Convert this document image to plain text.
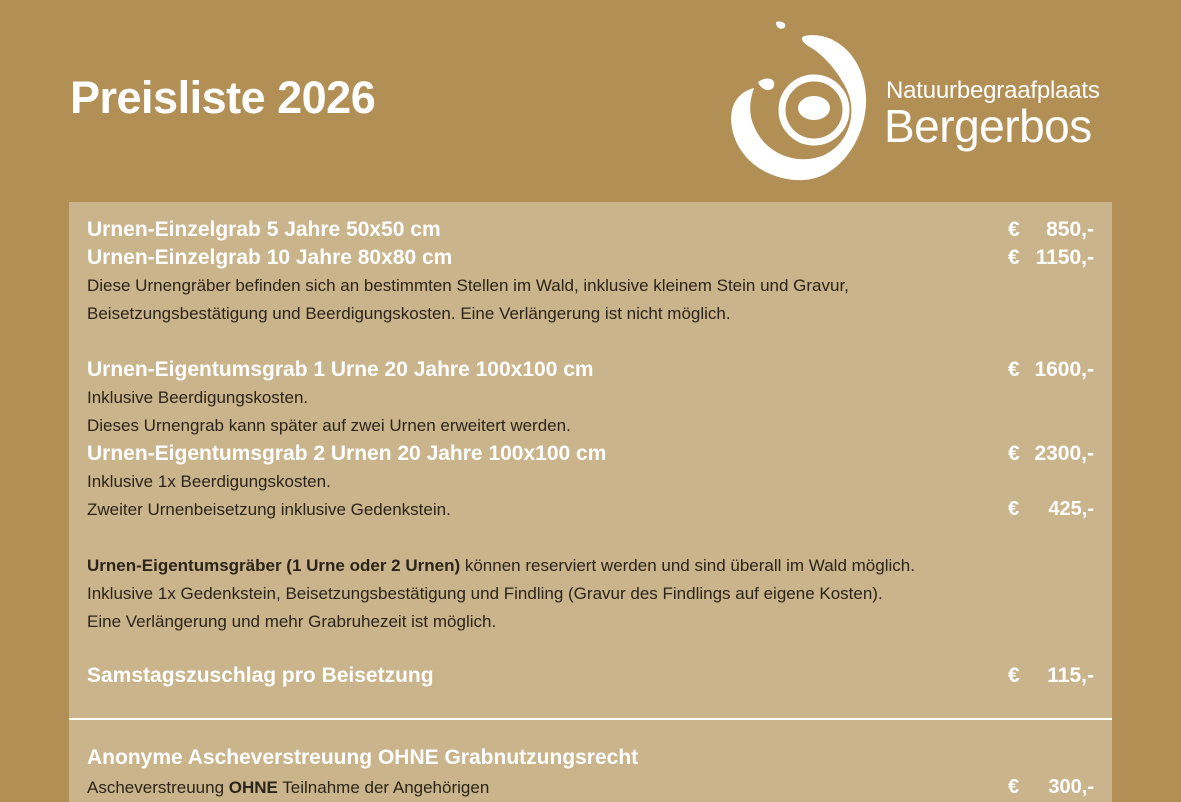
Preisliste 2026	Natuurbegraafplaats
Bergerbos
Urnen-Einzelgrab 5 Jahre 50x50 cm	€ 850,-
Urnen-Einzelgrab 10 Jahre 80x80 cm	€ 1150,-
Diese Urnengräber befinden sich an bestimmten Stellen im Wald, inklusive kleinem Stein und Gravur,
Beisetzungsbestätigung und Beerdigungskosten. Eine Verlängerung ist nicht möglich.
Urnen-Eigentumsgrab 1 Urne 20 Jahre 100x100 cm	€ 1600,-
Inklusive Beerdigungskosten.
Dieses Urnengrab kann später auf zwei Urnen erweitert werden.
Urnen-Eigentumsgrab 2 Urnen 20 Jahre 100x100 cm	€ 2300,-
Inklusive 1x Beerdigungskosten.
Zweiter Urnenbeisetzung inklusive Gedenkstein.	€ 425,-
Urnen-Eigentumsgräber (1 Urne oder 2 Urnen) können reserviert werden und sind überall im Wald möglich.
Inklusive 1x Gedenkstein, Beisetzungsbestätigung und Findling (Gravur des Findlings auf eigene Kosten).
Eine Verlängerung und mehr Grabruhezeit ist möglich.
Samstagszuschlag pro Beisetzung	€ 115,-
Anonyme Ascheverstreuung OHNE Grabnutzungsrecht
Ascheverstreuung OHNE Teilnahme der Angehörigen	€ 300,-
